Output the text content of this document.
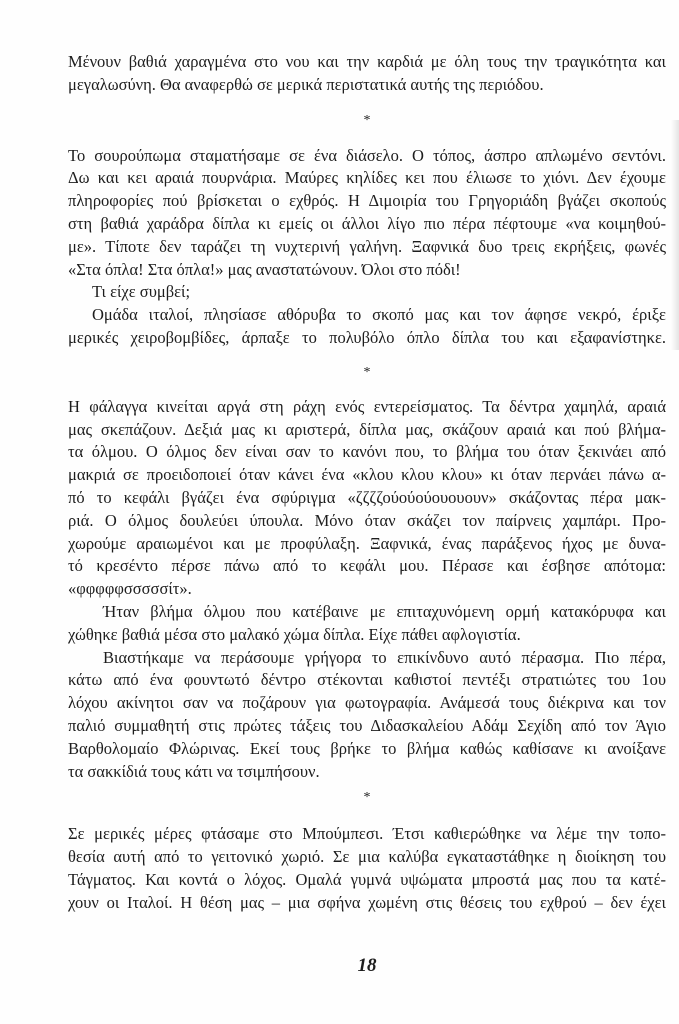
Μένουν βαθιά χαραγμένα στο νου και την καρδιά με όλη τους την τραγικότητα και
μεγαλωσύνη. Θα αναφερθώ σε μερικά περιστατικά αυτής της περιόδου.
*
Το σουρούπωμα σταματήσαμε σε ένα διάσελο. Ο τόπος, άσπρο απλωμένο σεντόνι.
Δω και κει αραιά πουρνάρια. Μαύρες κηλίδες κει που έλιωσε το χιόνι. Δεν έχουμε
πληροφορίες πού βρίσκεται ο εχθρός. Η Διμοιρία του Γρηγοριάδη βγάζει σκοπούς
στη βαθιά χαράδρα δίπλα κι εμείς οι άλλοι λίγο πιο πέρα πέφτουμε «να κοιμηθού-
με». Τίποτε δεν ταράζει τη νυχτερινή γαλήνη. Ξαφνικά δυο τρεις εκρήξεις, φωνές
«Στα όπλα! Στα όπλα!» μας αναστατώνουν. Όλοι στο πόδι!
Τι είχε συμβεί;
Ομάδα ιταλοί, πλησίασε αθόρυβα το σκοπό μας και τον άφησε νεκρό, έριξε
μερικές χειροβομβίδες, άρπαξε το πολυβόλο όπλο δίπλα του και εξαφανίστηκε.
*
Η φάλαγγα κινείται αργά στη ράχη ενός εντερείσματος. Τα δέντρα χαμηλά, αραιά
μας σκεπάζουν. Δεξιά μας κι αριστερά, δίπλα μας, σκάζουν αραιά και πού βλήμα-
τα όλμου. Ο όλμος δεν είναι σαν το κανόνι που, το βλήμα του όταν ξεκινάει από
μακριά σε προειδοποιεί όταν κάνει ένα «κλου κλου κλου» κι όταν περνάει πάνω α-
πό το κεφάλι βγάζει ένα σφύριγμα «ζζζζούούούουουουν» σκάζοντας πέρα μακ-
ριά. Ο όλμος δουλεύει ύπουλα. Μόνο όταν σκάζει τον παίρνεις χαμπάρι. Προ-
χωρούμε αραιωμένοι και με προφύλαξη. Ξαφνικά, ένας παράξενος ήχος με δυνα-
τό κρεσέντο πέρσε πάνω από το κεφάλι μου. Πέρασε και έσβησε απότομα:
«φφφφφσσσσσίτ».
Ήταν βλήμα όλμου που κατέβαινε με επιταχυνόμενη ορμή κατακόρυφα και
χώθηκε βαθιά μέσα στο μαλακό χώμα δίπλα. Είχε πάθει αφλογιστία.
Βιαστήκαμε να περάσουμε γρήγορα το επικίνδυνο αυτό πέρασμα. Πιο πέρα,
κάτω από ένα φουντωτό δέντρο στέκονται καθιστοί πεντέξι στρατιώτες του 1ου
λόχου ακίνητοι σαν να ποζάρουν για φωτογραφία. Ανάμεσά τους διέκρινα και τον
παλιό συμμαθητή στις πρώτες τάξεις του Διδασκαλείου Αδάμ Σεχίδη από τον Άγιο
Βαρθολομαίο Φλώρινας. Εκεί τους βρήκε το βλήμα καθώς καθίσανε κι ανοίξανε
τα σακκίδιά τους κάτι να τσιμπήσουν.
*
Σε μερικές μέρες φτάσαμε στο Μπούμπεσι. Έτσι καθιερώθηκε να λέμε την τοπο-
θεσία αυτή από το γειτονικό χωριό. Σε μια καλύβα εγκαταστάθηκε η διοίκηση του
Τάγματος. Και κοντά ο λόχος. Ομαλά γυμνά υψώματα μπροστά μας που τα κατέ-
χουν οι Ιταλοί. Η θέση μας – μια σφήνα χωμένη στις θέσεις του εχθρού – δεν έχει
18
